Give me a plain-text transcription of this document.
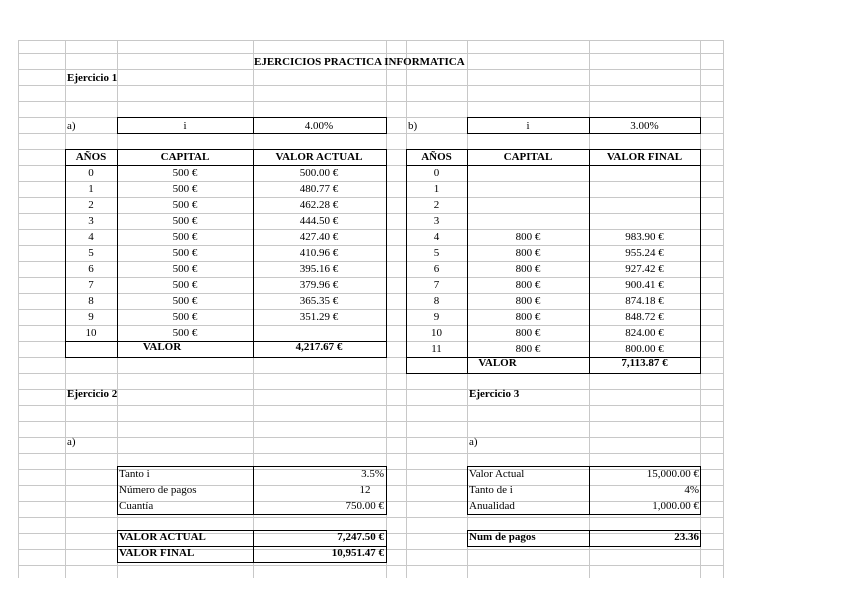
EJERCICIOS PRACTICA INFORMATICA
Ejercicio 1
a)	i	4.00%	b)	i	3.00%
AÑOS	CAPITAL	VALOR ACTUAL	AÑOS	CAPITAL	VALOR FINAL
0	500 €	500.00 €
1	500 €	480.77 €
2	500 €	462.28 €
3	500 €	444.50 €
4	500 €	427.40 €
5	500 €	410.96 €
6	500 €	395.16 €
7	500 €	379.96 €
8	500 €	365.35 €
9	500 €	351.29 €
10	500 €
0
1
2
3
4	800 €	983.90 €
5	800 €	955.24 €
6	800 €	927.42 €
7	800 €	900.41 €
8	800 €	874.18 €
9	800 €	848.72 €
10	800 €	824.00 €
11	800 €	800.00 €
VALOR	4,217.67 €
VALOR	7,113.87 €
Ejercicio 2
a)
Tanto i	3.5%
Número de pagos	12
Cuantía	750.00 €
VALOR ACTUAL	7,247.50 €
VALOR FINAL	10,951.47 €
Ejercicio 3
a)
Valor Actual	15,000.00 €
Tanto de i	4%
Anualidad	1,000.00 €
Num de pagos	23.36
